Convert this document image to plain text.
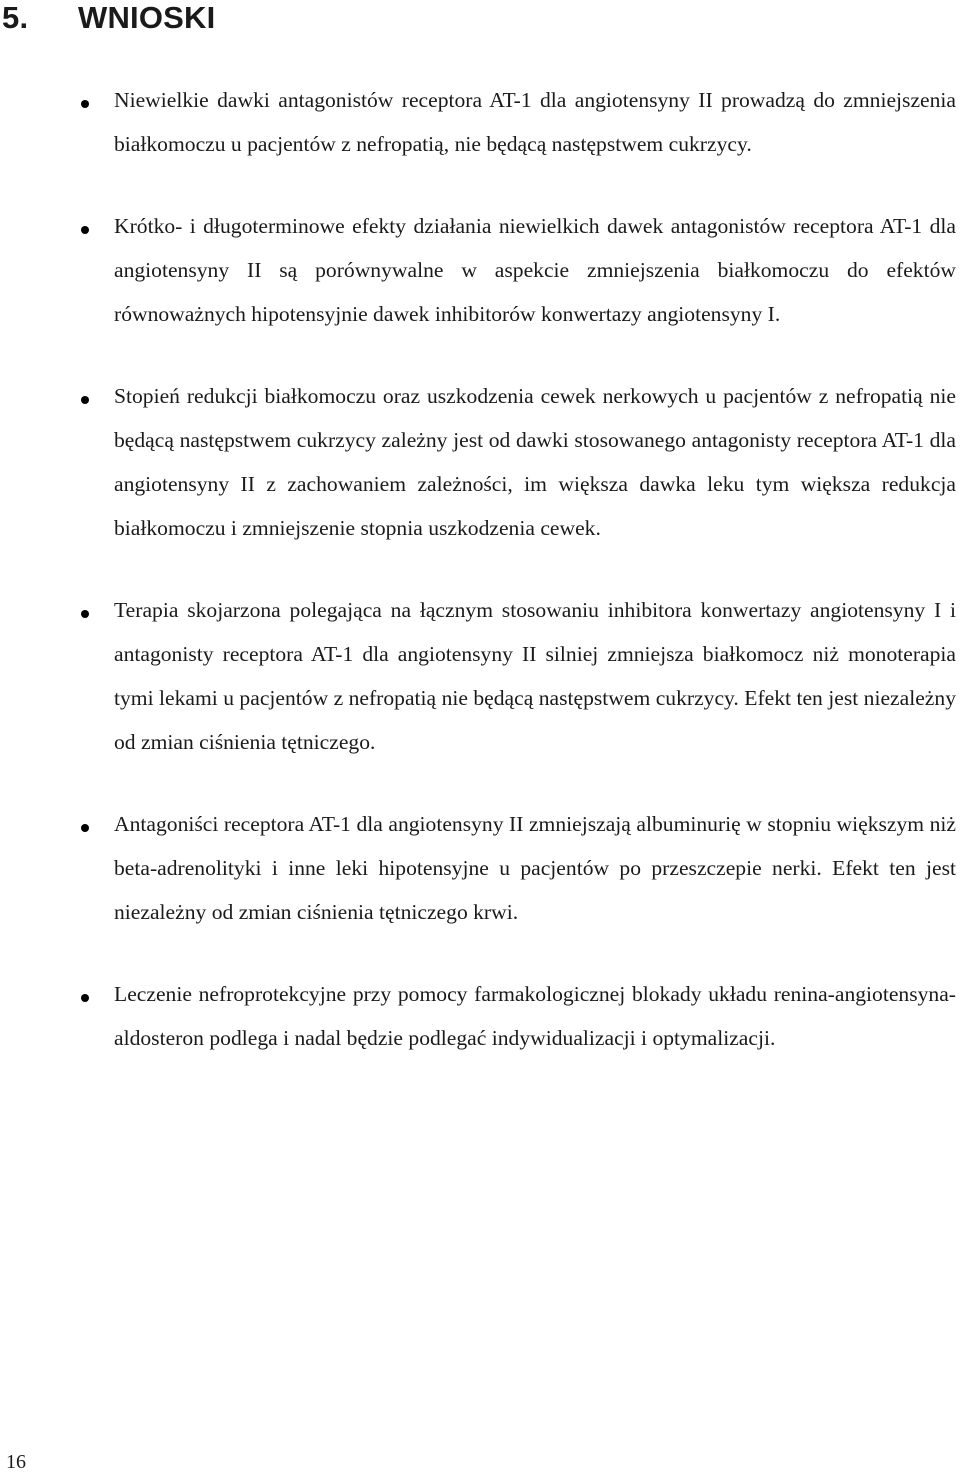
5. WNIOSKI
Niewielkie dawki antagonistów receptora AT-1 dla angiotensyny II prowadzą do zmniejszenia białkomoczu u pacjentów z nefropatią, nie będącą następstwem cukrzycy.
Krótko- i długoterminowe efekty działania niewielkich dawek antagonistów receptora AT-1 dla angiotensyny II są porównywalne w aspekcie zmniejszenia białkomoczu do efektów równoważnych hipotensyjnie dawek inhibitorów konwertazy angiotensyny I.
Stopień redukcji białkomoczu oraz uszkodzenia cewek nerkowych u pacjentów z nefropatią nie będącą następstwem cukrzycy zależny jest od dawki stosowanego antagonisty receptora AT-1 dla angiotensyny II z zachowaniem zależności, im większa dawka leku tym większa redukcja białkomoczu i zmniejszenie stopnia uszkodzenia cewek.
Terapia skojarzona polegająca na łącznym stosowaniu inhibitora konwertazy angiotensyny I i antagonisty receptora AT-1 dla angiotensyny II silniej zmniejsza białkomocz niż monoterapia tymi lekami u pacjentów z nefropatią nie będącą następstwem cukrzycy. Efekt ten jest niezależny od zmian ciśnienia tętniczego.
Antagoniści receptora AT-1 dla angiotensyny II zmniejszają albuminurię w stopniu większym niż beta-adrenolityki i inne leki hipotensyjne u pacjentów po przeszczepie nerki. Efekt ten jest niezależny od zmian ciśnienia tętniczego krwi.
Leczenie nefroprotekcyjne przy pomocy farmakologicznej blokady układu renina-angiotensyna-aldosteron podlega i nadal będzie podlegać indywidualizacji i optymalizacji.
16
